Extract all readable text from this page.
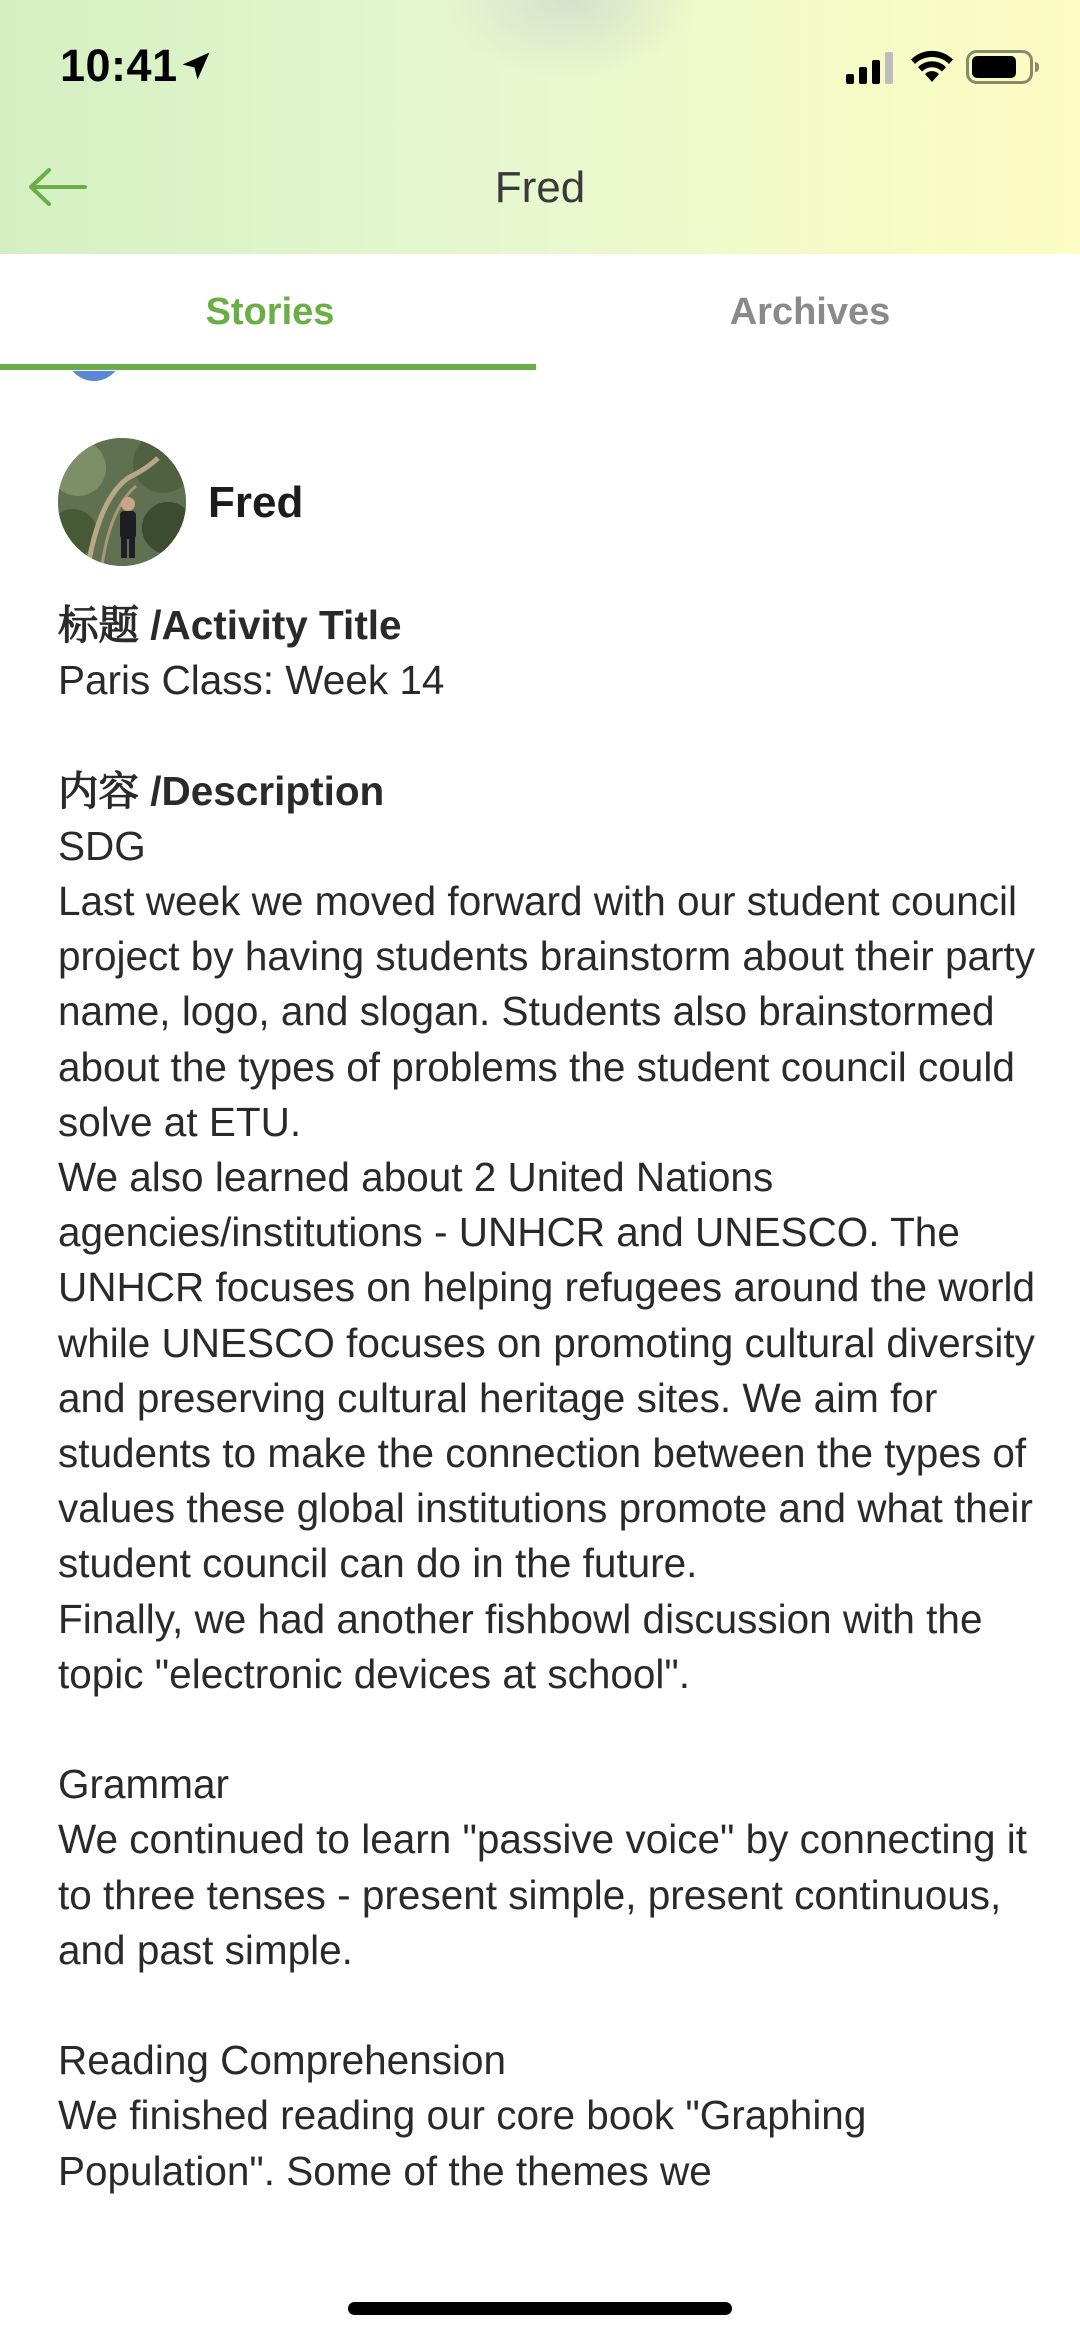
10:41
Fred
Stories	Archives
Fred

标题 /Activity Title

Paris Class: Week 14

内容 /Description

SDG

Last week we moved forward with our student council project by having students brainstorm about their party name, logo, and slogan. Students also brainstormed about the types of problems the student council could solve at ETU.

We also learned about 2 United Nations agencies/institutions - UNHCR and UNESCO. The UNHCR focuses on helping refugees around the world while UNESCO focuses on promoting cultural diversity and preserving cultural heritage sites. We aim for students to make the connection between the types of values these global institutions promote and what their student council can do in the future.

Finally, we had another fishbowl discussion with the topic "electronic devices at school".

Grammar

We continued to learn "passive voice" by connecting it to three tenses - present simple, present continuous, and past simple.

Reading Comprehension

We finished reading our core book "Graphing Population". Some of the themes we
